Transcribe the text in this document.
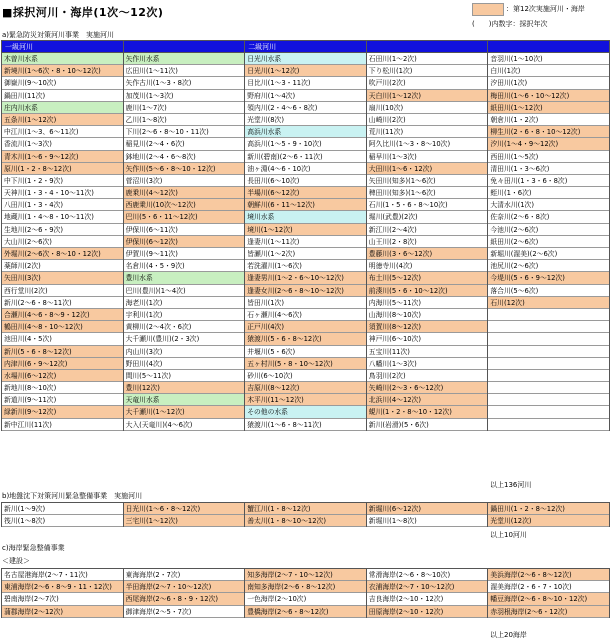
■採択河川・海岸(1次～12次)	：第12次実施河川・海岸
(　　)内数字：採択年次
a)緊急防災対策河川事業　実施河川
一級河川
木曽川水系
新境川(1～6次・8・10～12次)
御嶽川(9～10次)
鍋田川(11次)
庄内川水系
五条川(1～12次)
中江川(1～3、6～11次)
香流川(1～3次)
青木川(1～6・9～12次)
原川(1・2・8～12次)
中下川(1・2・9次)
天神川(1・3・4・10～11次)
八田川(1・3・4次)
地蔵川(1・4～8・10～11次)
生地川(2～6・9次)
大山川(2～6次)
外堀川(2～6次・8～10・12次)
薬師川(2次)
矢田川(3次)
西行堂川(2次)
新川(2～6・8～11次)
合瀬川(4～6・8～9・12次)
鶴田川(4～8・10～12次)
池田川(4・5次)
新川(5・6・8～12次)
内津川(6・9～12次)
水場川(6～12次)
新地川(8～10次)
新道川(9～11次)
緑新川(9～12次)
新中江川(11次)
矢作川水系
広田川(1～11次)
矢作古川(1～3・8次)
加茂川(1～3次)
鹿川(1～7次)
乙川(1～8次)
下川(2～6・8～10・11次)
稲見川(2～4・6次)
鉢地川(2～4・6～8次)
矢作川(5～6・8～10・12次)
菅沼川(3次)
鹿乗川(4～12次)
西鹿乗川(10次～12次)
巴川(5・6・11～12次)
伊保川(6～11次)
伊保川(6～12次)
伊賀川(9～11次)
名倉川(4・5・9次)
豊川水系
巴川(豊川)(1～4次)
海老川(1次)
宇利川(1次)
黄柳川(2～4次・6次)
大千瀬川(豊川)(2・3次)
内山川(3次)
野田川(4次)
間川(5～11次)
豊川(12次)
天竜川水系
大千瀬川(1～12次)
大入(天竜川)(4～6次)
二級河川
日光川水系
日光川(1～12次)
目比川(1～3・11次)
野府川(1～4次)
領内川(2・4～6・8次)
光堂川(8次)
高浜川水系
高浜川(1～5・9・10次)
新川(碧南)(2～6・11次)
油ヶ淵(4～6・10次)
長田川(6～10次)
半場川(6～12次)
朝鮮川(6・11～12次)
境川水系
境川(1～12次)
逢妻川(1～11次)
皆瀬川(1～2次)
若洗濯川(1～6次)
逢妻男川(1～2・6～10～12次)
逢妻女川(2～6・8～10～12次)
皆田川(1次)
石ヶ瀬川(4～6次)
正戸川(4次)
猿渡川(5・6・8～12次)
井堰川(5・6次)
五ヶ村川(5・8・10～12次)
砂川(6～10次)
吉原川(8～12次)
木平川(11～12次)
その他の水系
猿渡川(1～6・8～11次)
石田川(1～2次)
下り松川(1次)
吹戸川(2次)
天白川(1～12次)
扇川(10次)
山崎川(2次)
荒川(11次)
阿久比川(1～3・8～10次)
稲早川(1～3次)
大田川(1～6・12次)
矢田川(知多)(1～6次)
稗田川(知多)(1～6次)
石川(1・5・6・8～10次)
堀川(武豊)(2次)
新江川(2～4次)
山王川(2・8次)
豊藤川(3・6～12次)
明徳寺川(4次)
布土川(5～12次)
前湊川(5・6・10～12次)
内海川(5～11次)
山海川(8～10次)
須賀川(8～12次)
神戸川(6～10次)
五宝川(11次)
八幡川(1～3次)
鳥羽川(2次)
矢崎川(2～3・6～12次)
北浜川(4～12次)
蜆川(1・2・8～10・12次)
新川(岩滑)(5・6次)
音羽川(1～10次)
白川(1次)
汐田川(1次)
梅田川(1～6・10～12次)
紙田川(1～12次)
朝倉川(1・2次)
柳生川(2・6・8・10～12次)
汐川(1～4・9～12次)
西田川(1～5次)
清田川(1・3～6次)
免々田川(1・3・6・8次)
蛭川(1・6次)
大清水川(1次)
佐奈川(2～6・8次)
今池川(2～6次)
紙田川(2～6次)
新堀川(渥美)(2～6次)
池尻川(2～6次)
今堤川(5・6・9～12次)
落合川(5～6次)
石川(12次)
以上136河川
b)地盤沈下対策河川緊急整備事業　実施河川
新川(1～9次)
筏川(1～8次)
日光川(1～6・8～12次)
三宅川(1～12次)
蟹江川(1・8～12次)
善太川(1・8～10～12次)
新堀川(6～12次)
新堀川(1～8次)
鍋田川(1・2・8～12次)
光堂川(12次)
以上10河川
c)海岸緊急整備事業
＜建設＞
名古屋港海岸(2～7・11次)
東浦海岸(2～6・8～9・11・12次)
碧南海岸(2～7次)
蒲郡海岸(2～12次)
東海海岸(2・7次)
半田海岸(2～7・10～12次)
西尾海岸(2～6・8・9・12次)
御津海岸(2～5・7次)
知多海岸(2～7・10～12次)
南知多海岸(2～6・8～12次)
一色海岸(2～10次)
豊橋海岸(2～6・8～12次)
常滑海岸(2～6・8～10次)
衣浦海岸(2～7・10～12次)
吉良海岸(2～10・12次)
田原海岸(2～10・12次)
美浜海岸(2～6・8～12次)
渥美海岸(2・6・7・10次)
幡豆海岸(2～6・8～10・12次)
赤羽根海岸(2～6・12次)
以上20海岸
